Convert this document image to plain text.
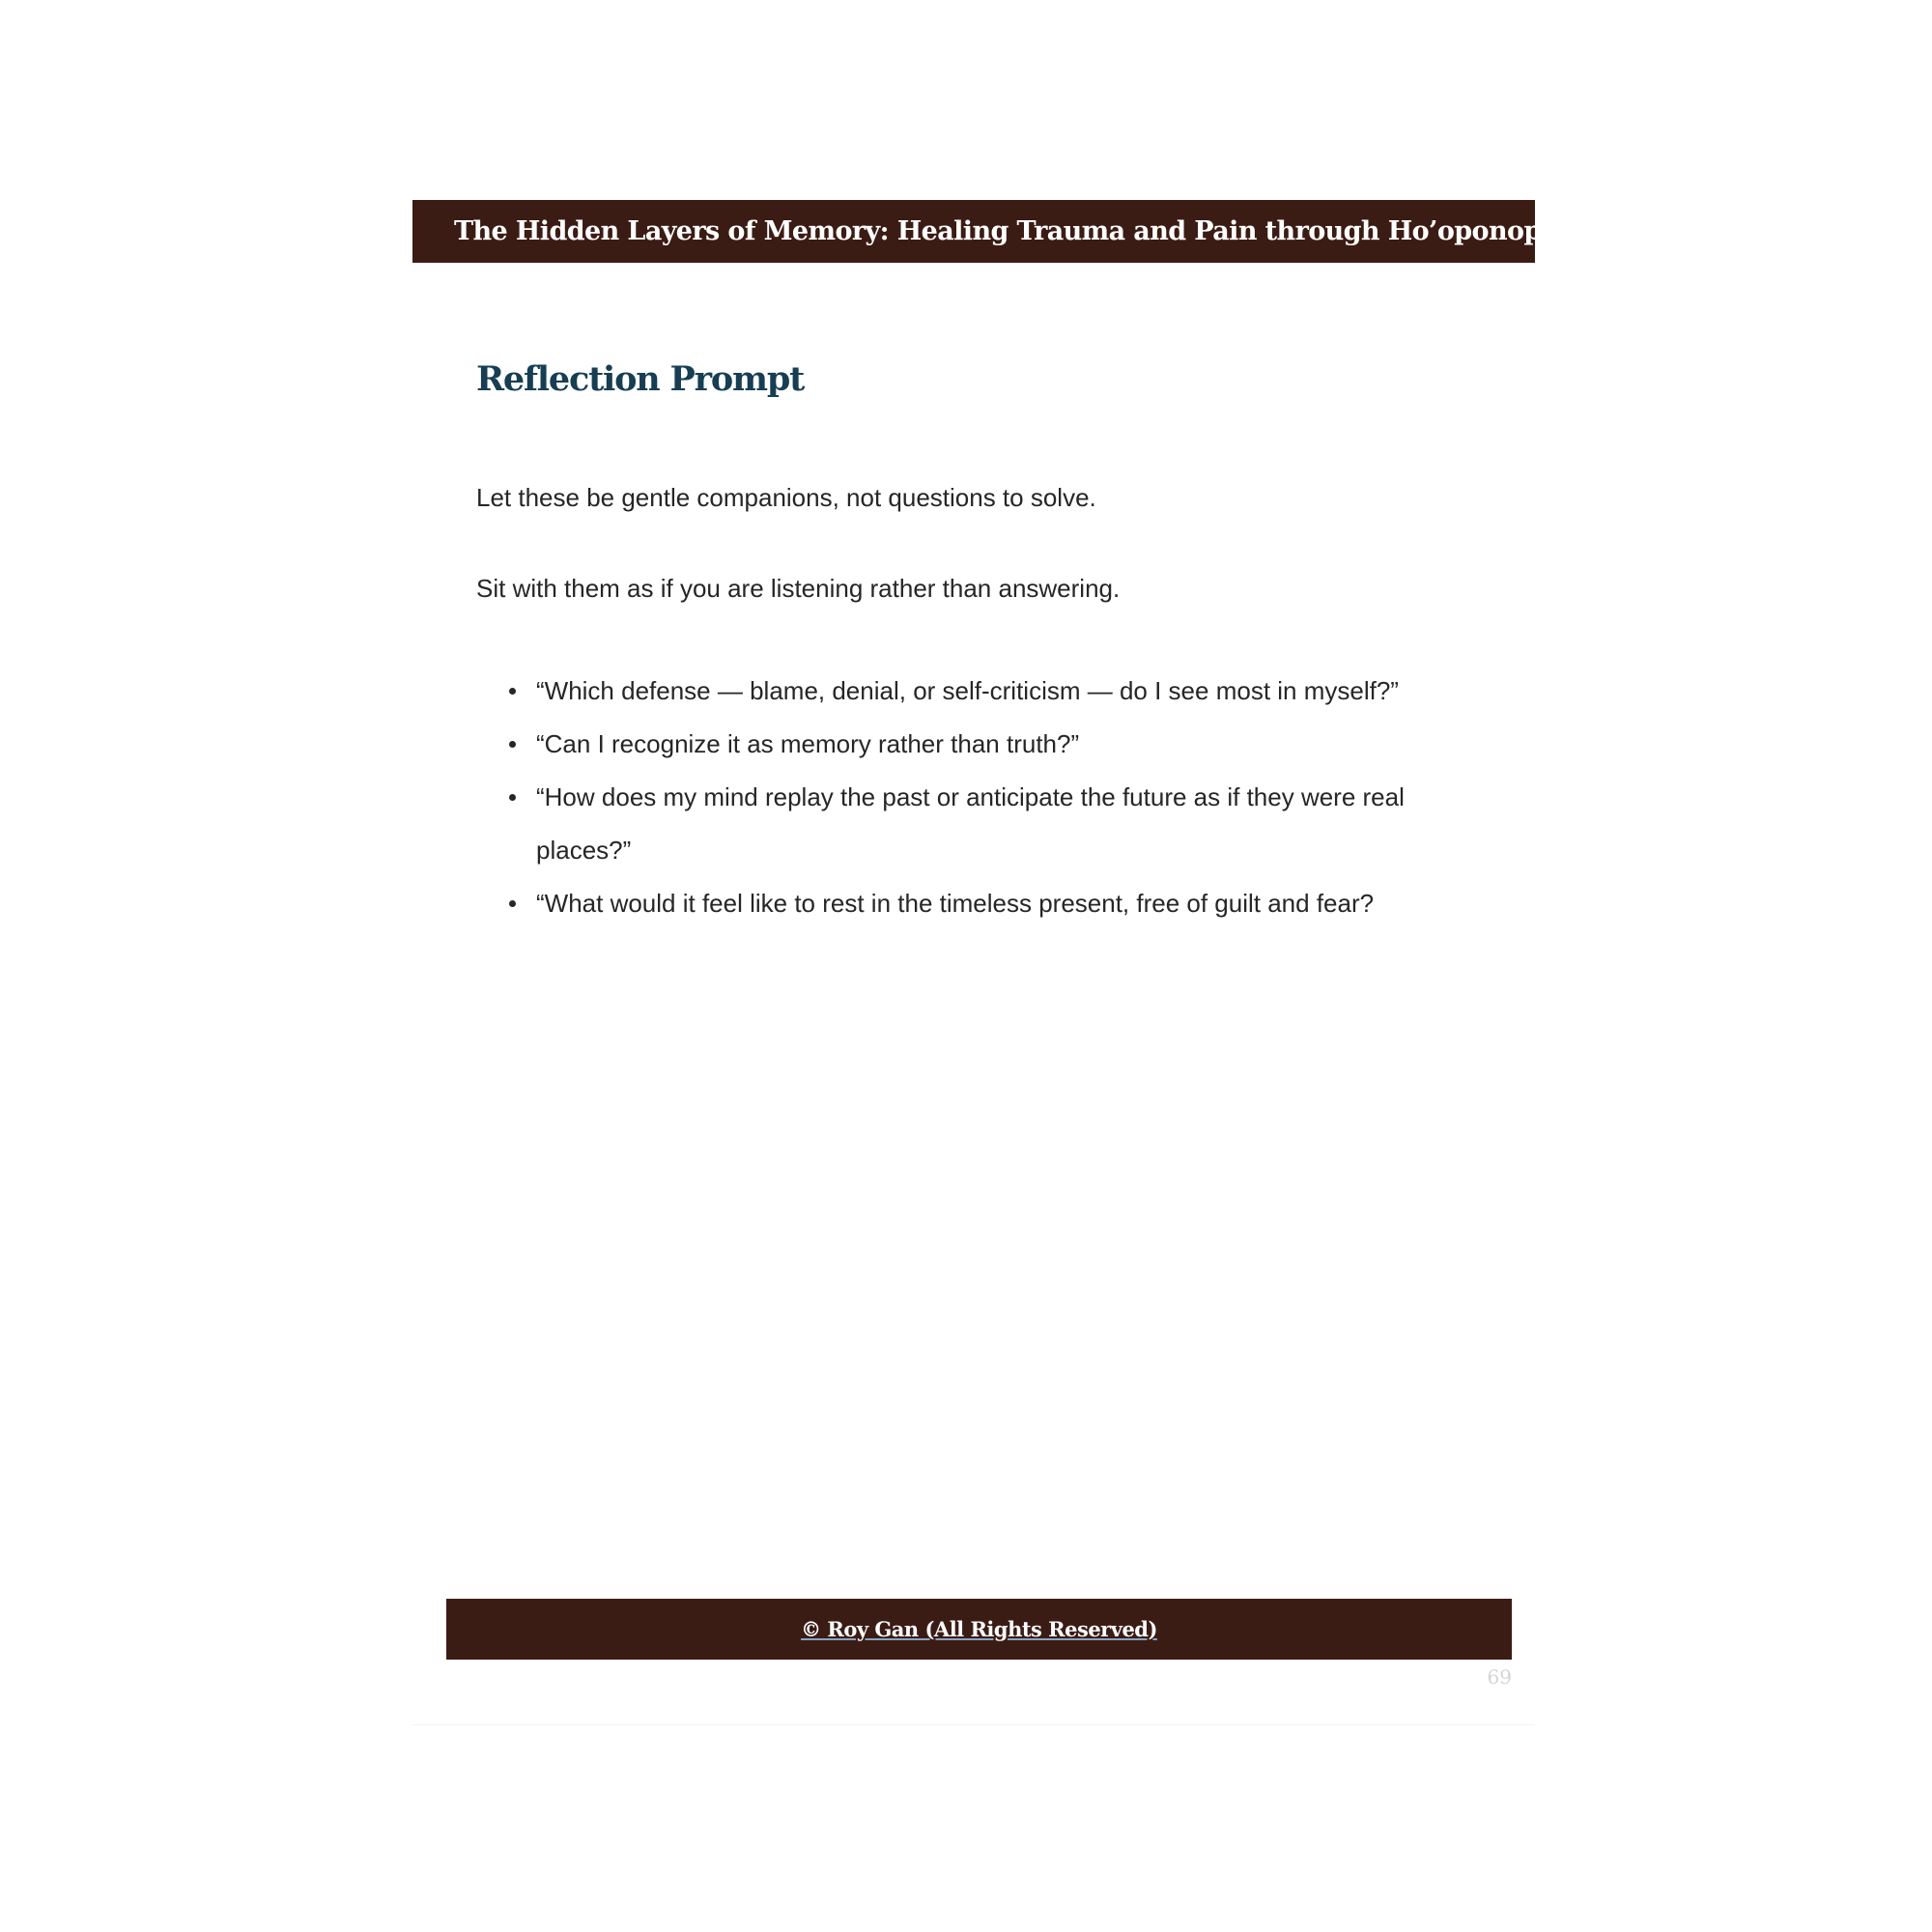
The Hidden Layers of Memory: Healing Trauma and Pain through Ho’oponopono
Reflection Prompt

Let these be gentle companions, not questions to solve.

Sit with them as if you are listening rather than answering.

“Which defense — blame, denial, or self-criticism — do I see most in myself?”
“Can I recognize it as memory rather than truth?”
“How does my mind replay the past or anticipate the future as if they were real places?”
“What would it feel like to rest in the timeless present, free of guilt and fear?
© Roy Gan (All Rights Reserved)
69
